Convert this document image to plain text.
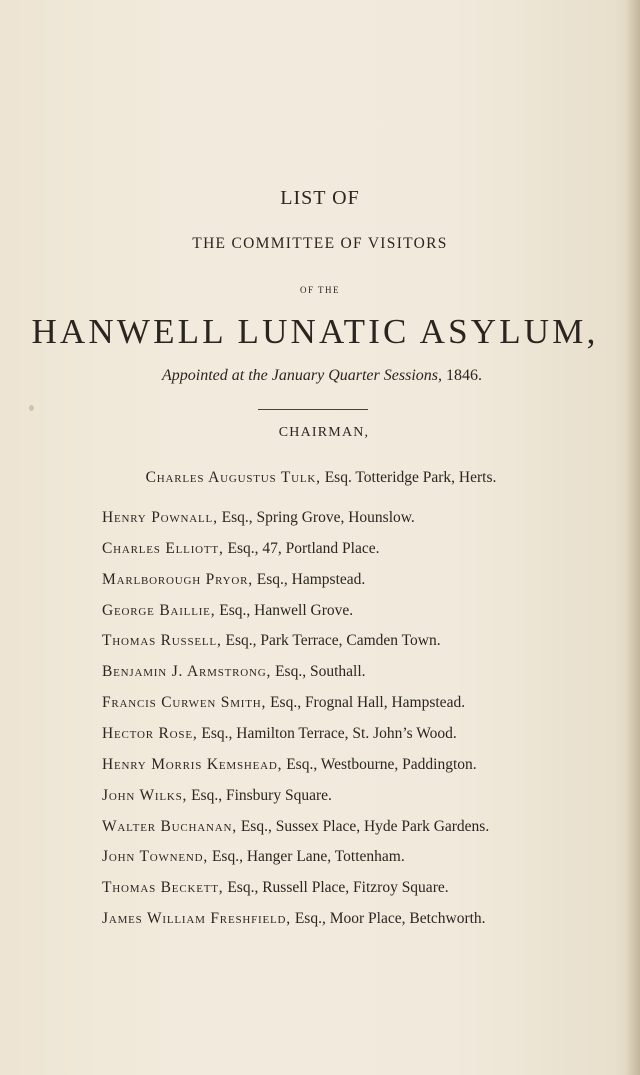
LIST OF
THE COMMITTEE OF VISITORS
OF THE
HANWELL LUNATIC ASYLUM,
Appointed at the January Quarter Sessions, 1846.
CHAIRMAN,
Charles Augustus Tulk, Esq. Totteridge Park, Herts.
Henry Pownall, Esq., Spring Grove, Hounslow.
Charles Elliott, Esq., 47, Portland Place.
Marlborough Pryor, Esq., Hampstead.
George Baillie, Esq., Hanwell Grove.
Thomas Russell, Esq., Park Terrace, Camden Town.
Benjamin J. Armstrong, Esq., Southall.
Francis Curwen Smith, Esq., Frognal Hall, Hampstead.
Hector Rose, Esq., Hamilton Terrace, St. John’s Wood.
Henry Morris Kemshead, Esq., Westbourne, Paddington.
John Wilks, Esq., Finsbury Square.
Walter Buchanan, Esq., Sussex Place, Hyde Park Gardens.
John Townend, Esq., Hanger Lane, Tottenham.
Thomas Beckett, Esq., Russell Place, Fitzroy Square.
James William Freshfield, Esq., Moor Place, Betchworth.
